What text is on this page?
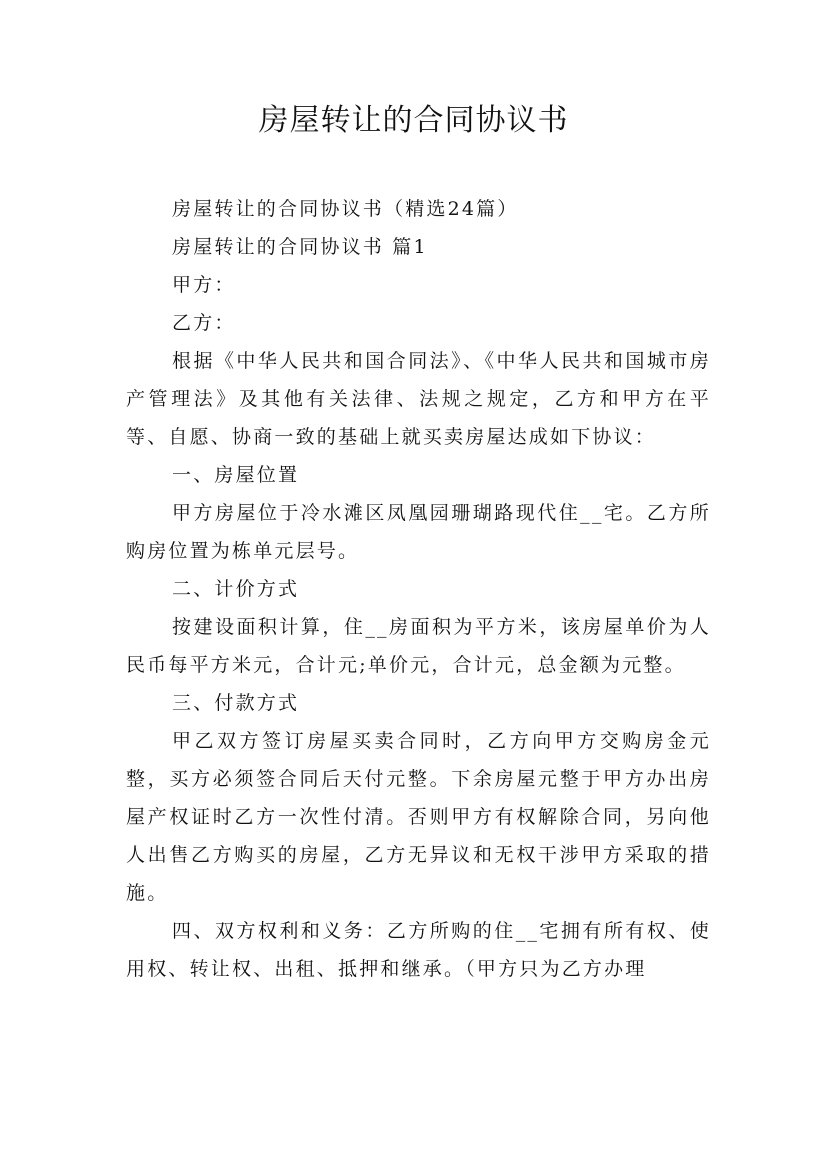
房屋转让的合同协议书

房屋转让的合同协议书（精选24篇）

房屋转让的合同协议书 篇1

甲方：

乙方：

根据《中华人民共和国合同法》、《中华人民共和国城市房产管理法》及其他有关法律、法规之规定，乙方和甲方在平等、自愿、协商一致的基础上就买卖房屋达成如下协议：

一、房屋位置

甲方房屋位于冷水滩区凤凰园珊瑚路现代住__宅。乙方所购房位置为栋单元层号。

二、计价方式

按建设面积计算，住__房面积为平方米，该房屋单价为人民币每平方米元，合计元;单价元，合计元，总金额为元整。

三、付款方式

甲乙双方签订房屋买卖合同时，乙方向甲方交购房金元整，买方必须签合同后天付元整。下余房屋元整于甲方办出房屋产权证时乙方一次性付清。否则甲方有权解除合同，另向他人出售乙方购买的房屋，乙方无异议和无权干涉甲方采取的措施。

四、双方权利和义务：乙方所购的住__宅拥有所有权、使用权、转让权、出租、抵押和继承。（甲方只为乙方办理
